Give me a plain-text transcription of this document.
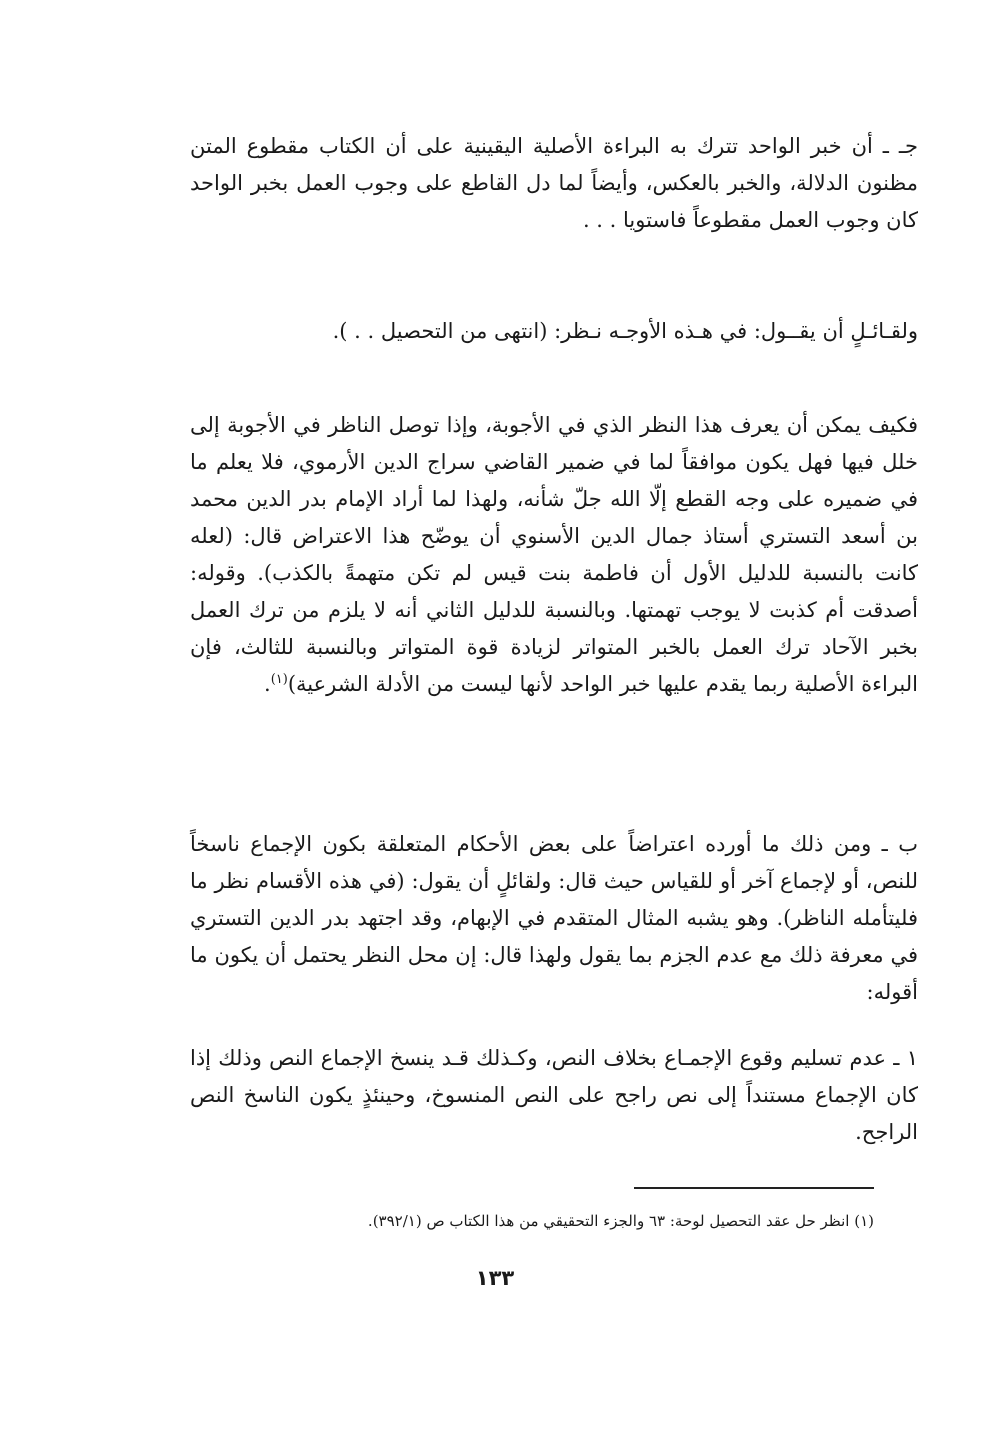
جـ ـ أن خبر الواحد تترك به البراءة الأصلية اليقينية على أن الكتاب مقطوع المتن مظنون الدلالة، والخبر بالعكس، وأيضاً لما دل القاطع على وجوب العمل بخبر الواحد كان وجوب العمل مقطوعاً فاستويا . . .

ولقـائـلٍ أن يقــول: في هـذه الأوجـه نـظر: (انتهى من التحصيل . . ).

فكيف يمكن أن يعرف هذا النظر الذي في الأجوبة، وإذا توصل الناظر في الأجوبة إلى خلل فيها فهل يكون موافقاً لما في ضمير القاضي سراج الدين الأرموي، فلا يعلم ما في ضميره على وجه القطع إلّا الله جلّ شأنه، ولهذا لما أراد الإمام بدر الدين محمد بن أسعد التستري أستاذ جمال الدين الأسنوي أن يوضّح هذا الاعتراض قال: (لعله كانت بالنسبة للدليل الأول أن فاطمة بنت قيس لم تكن متهمةً بالكذب). وقوله: أصدقت أم كذبت لا يوجب تهمتها. وبالنسبة للدليل الثاني أنه لا يلزم من ترك العمل بخبر الآحاد ترك العمل بالخبر المتواتر لزيادة قوة المتواتر وبالنسبة للثالث، فإن البراءة الأصلية ربما يقدم عليها خبر الواحد لأنها ليست من الأدلة الشرعية)$^{(١)}$.

ب ـ ومن ذلك ما أورده اعتراضاً على بعض الأحكام المتعلقة بكون الإجماع ناسخاً للنص، أو لإجماع آخر أو للقياس حيث قال: ولقائلٍ أن يقول: (في هذه الأقسام نظر ما فليتأمله الناظر). وهو يشبه المثال المتقدم في الإبهام، وقد اجتهد بدر الدين التستري في معرفة ذلك مع عدم الجزم بما يقول ولهذا قال: إن محل النظر يحتمل أن يكون ما أقوله:

١ ـ عدم تسليم وقوع الإجمـاع بخلاف النص، وكـذلك قـد ينسخ الإجماع النص وذلك إذا كان الإجماع مستنداً إلى نص راجح على النص المنسوخ، وحينئذٍ يكون الناسخ النص الراجح.

(١) انظر حل عقد التحصيل لوحة: ٦٣ والجزء التحقيقي من هذا الكتاب ص (٣٩٢/١).

١٣٣
